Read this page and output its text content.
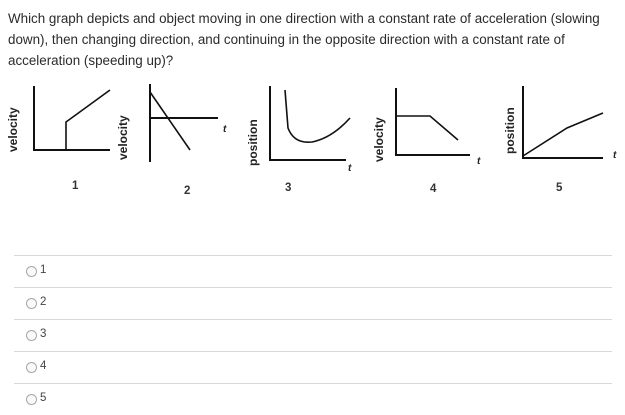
Which graph depicts and object moving in one direction with a constant rate of acceleration (slowing down), then changing direction, and continuing in the opposite direction with a constant rate of acceleration (speeding up)?
velocity
1
velocity	t
2
position
t
3
velocity	t
4
position
t
5
1
2
3
4
5
